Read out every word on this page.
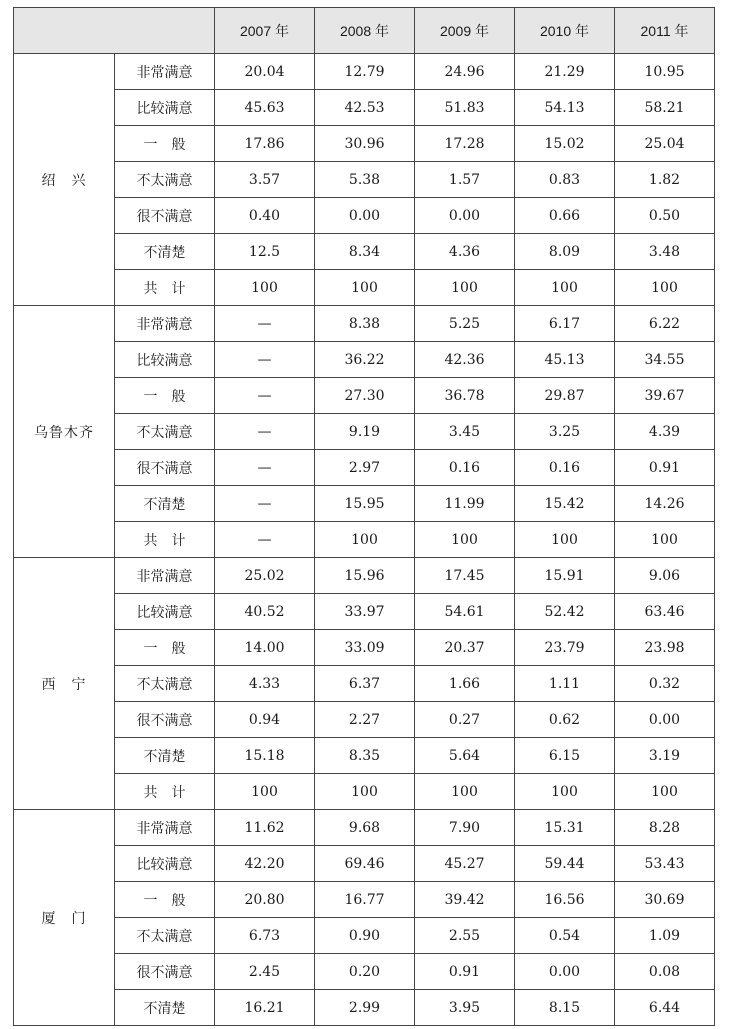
		2007 年	2008 年	2009 年	2010 年	2011 年
绍　兴	非常满意	20.04	12.79	24.96	21.29	10.95
	比较满意	45.63	42.53	51.83	54.13	58.21
	一　般	17.86	30.96	17.28	15.02	25.04
	不太满意	3.57	5.38	1.57	0.83	1.82
	很不满意	0.40	0.00	0.00	0.66	0.50
	不清楚	12.5	8.34	4.36	8.09	3.48
	共　计	100	100	100	100	100
乌鲁木齐	非常满意	—	8.38	5.25	6.17	6.22
	比较满意	—	36.22	42.36	45.13	34.55
	一　般	—	27.30	36.78	29.87	39.67
	不太满意	—	9.19	3.45	3.25	4.39
	很不满意	—	2.97	0.16	0.16	0.91
	不清楚	—	15.95	11.99	15.42	14.26
	共　计	—	100	100	100	100
西　宁	非常满意	25.02	15.96	17.45	15.91	9.06
	比较满意	40.52	33.97	54.61	52.42	63.46
	一　般	14.00	33.09	20.37	23.79	23.98
	不太满意	4.33	6.37	1.66	1.11	0.32
	很不满意	0.94	2.27	0.27	0.62	0.00
	不清楚	15.18	8.35	5.64	6.15	3.19
	共　计	100	100	100	100	100
厦　门	非常满意	11.62	9.68	7.90	15.31	8.28
	比较满意	42.20	69.46	45.27	59.44	53.43
	一　般	20.80	16.77	39.42	16.56	30.69
	不太满意	6.73	0.90	2.55	0.54	1.09
	很不满意	2.45	0.20	0.91	0.00	0.08
	不清楚	16.21	2.99	3.95	8.15	6.44
